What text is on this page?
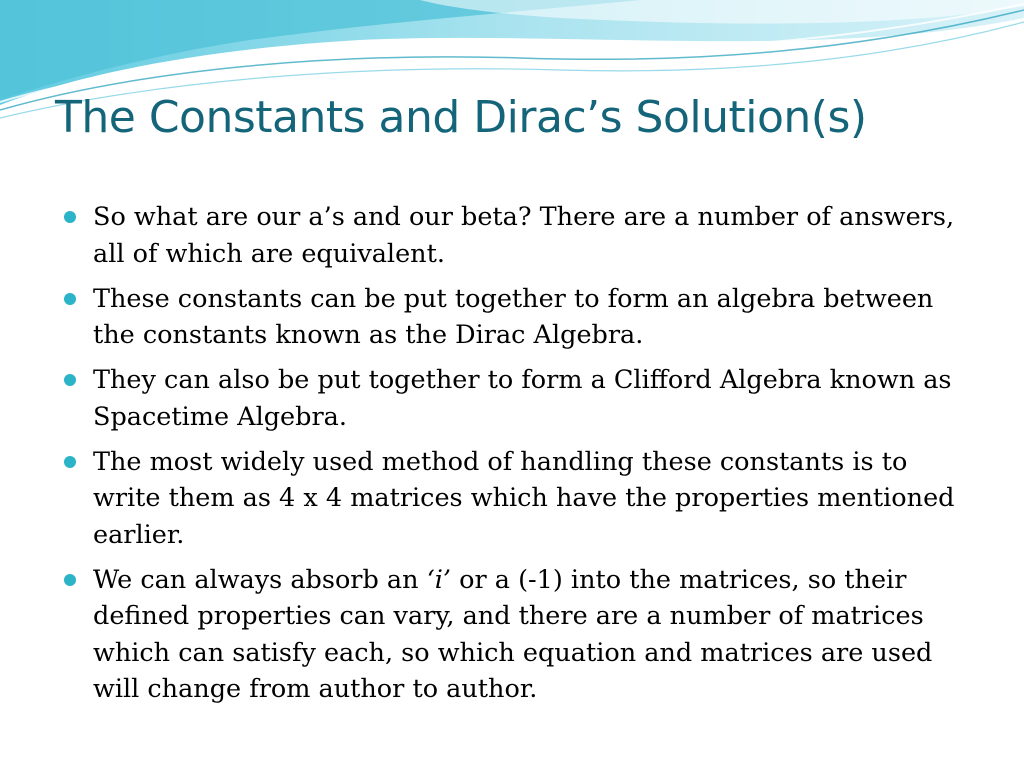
The Constants and Dirac’s Solution(s)
So what are our a’s and our beta? There are a number of answers, all of which are equivalent.
These constants can be put together to form an algebra between the constants known as the Dirac Algebra.
They can also be put together to form a Clifford Algebra known as Spacetime Algebra.
The most widely used method of handling these constants is to write them as 4 x 4 matrices which have the properties mentioned earlier.
We can always absorb an ‘i’ or a (-1) into the matrices, so their defined properties can vary, and there are a number of matrices which can satisfy each, so which equation and matrices are used will change from author to author.
